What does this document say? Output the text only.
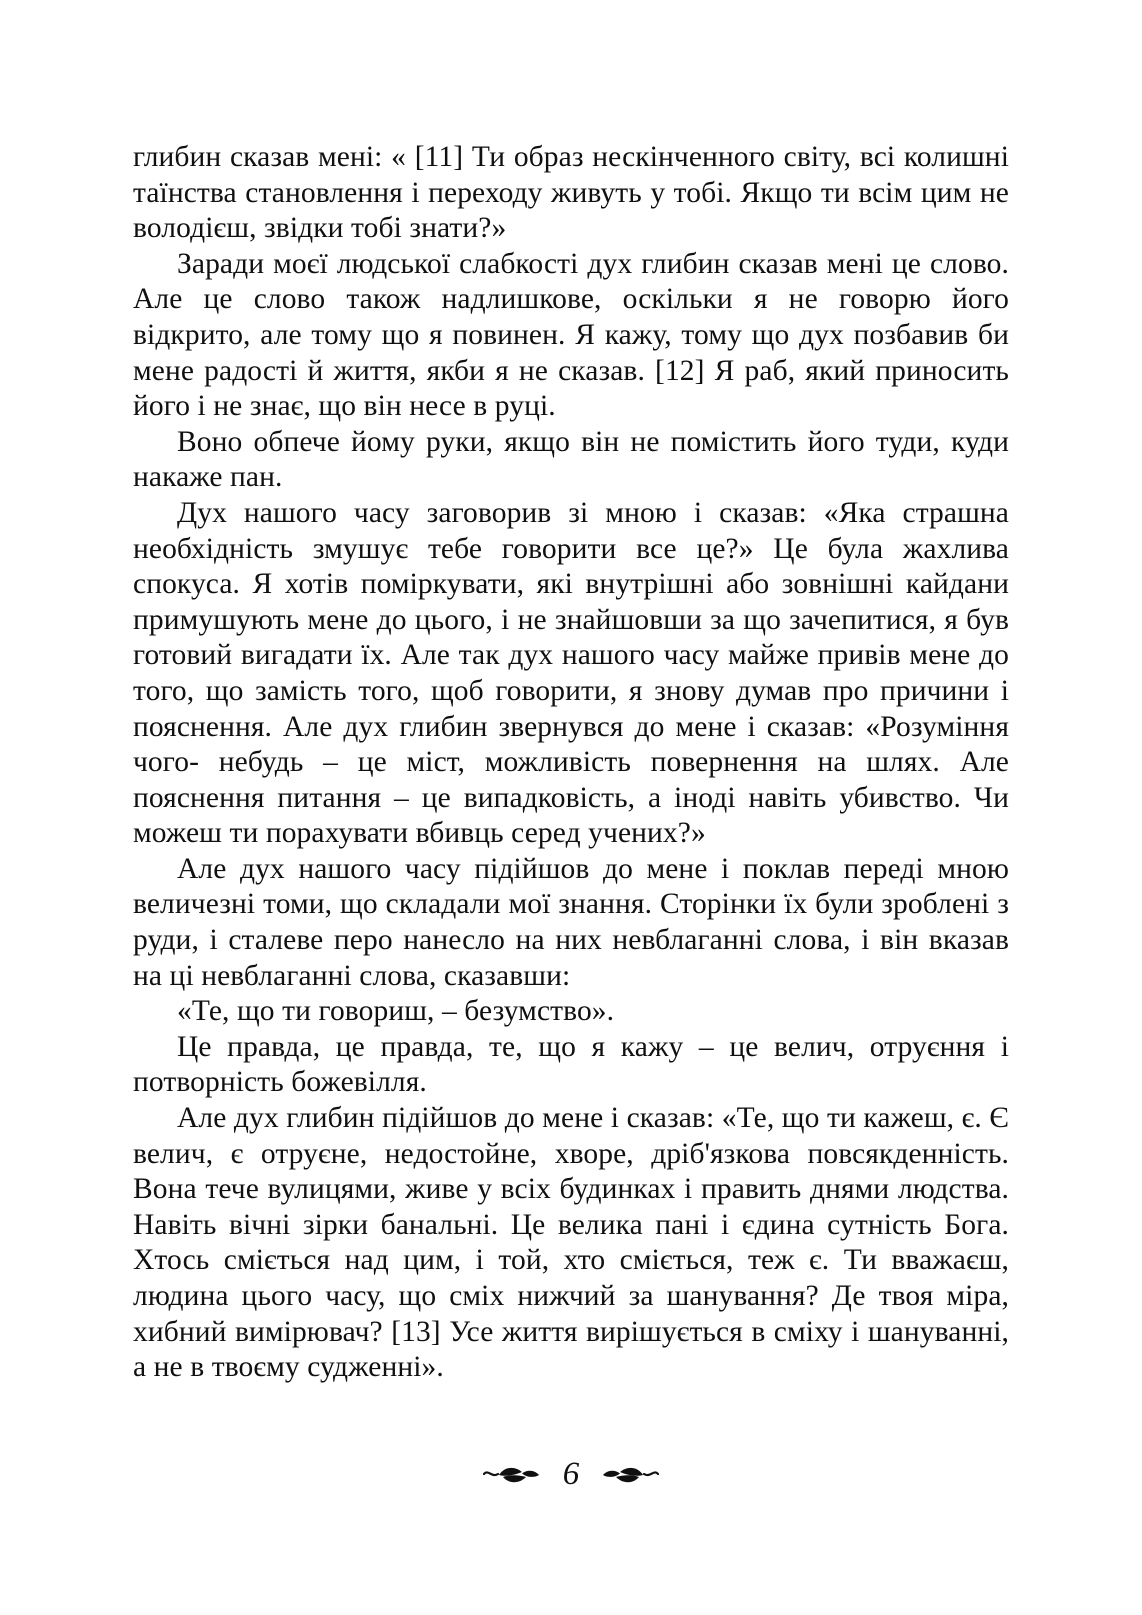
глибин сказав мені: « [11] Ти образ нескінченного світу, всі колишні таїнства становлення і переходу живуть у тобі. Якщо ти всім цим не володієш, звідки тобі знати?»

Заради моєї людської слабкості дух глибин сказав мені це слово. Але це слово також надлишкове, оскільки я не говорю його відкрито, але тому що я повинен. Я кажу, тому що дух позбавив би мене радості й життя, якби я не сказав. [12] Я раб, який приносить його і не знає, що він несе в руці.

Воно обпече йому руки, якщо він не помістить його туди, куди накаже пан.

Дух нашого часу заговорив зі мною і сказав: «Яка страшна необхідність змушує тебе говорити все це?» Це була жахлива спокуса. Я хотів поміркувати, які внутрішні або зовнішні кайдани примушують мене до цього, і не знайшовши за що зачепитися, я був готовий вигадати їх. Але так дух нашого часу майже привів мене до того, що замість того, щоб говорити, я знову думав про причини і пояснення. Але дух глибин звернувся до мене і сказав: «Розуміння чого- небудь – це міст, можливість повернення на шлях. Але пояснення питання – це випадковість, а іноді навіть убивство. Чи можеш ти порахувати вбивць серед учених?»

Але дух нашого часу підійшов до мене і поклав переді мною величезні томи, що складали мої знання. Сторінки їх були зроблені з руди, і сталеве перо нанесло на них невблаганні слова, і він вказав на ці невблаганні слова, сказавши:

«Те, що ти говориш, – безумство».

Це правда, це правда, те, що я кажу – це велич, отруєння і потворність божевілля.

Але дух глибин підійшов до мене і сказав: «Те, що ти кажеш, є. Є велич, є отруєне, недостойне, хворе, дріб'язкова повсякденність. Вона тече вулицями, живе у всіх будинках і править днями людства. Навіть вічні зірки банальні. Це велика пані і єдина сутність Бога. Хтось сміється над цим, і той, хто сміється, теж є. Ти вважаєш, людина цього часу, що сміх нижчий за шанування? Де твоя міра, хибний вимірювач? [13] Усе життя вирішується в сміху і шануванні, а не в твоєму судженні».

6
